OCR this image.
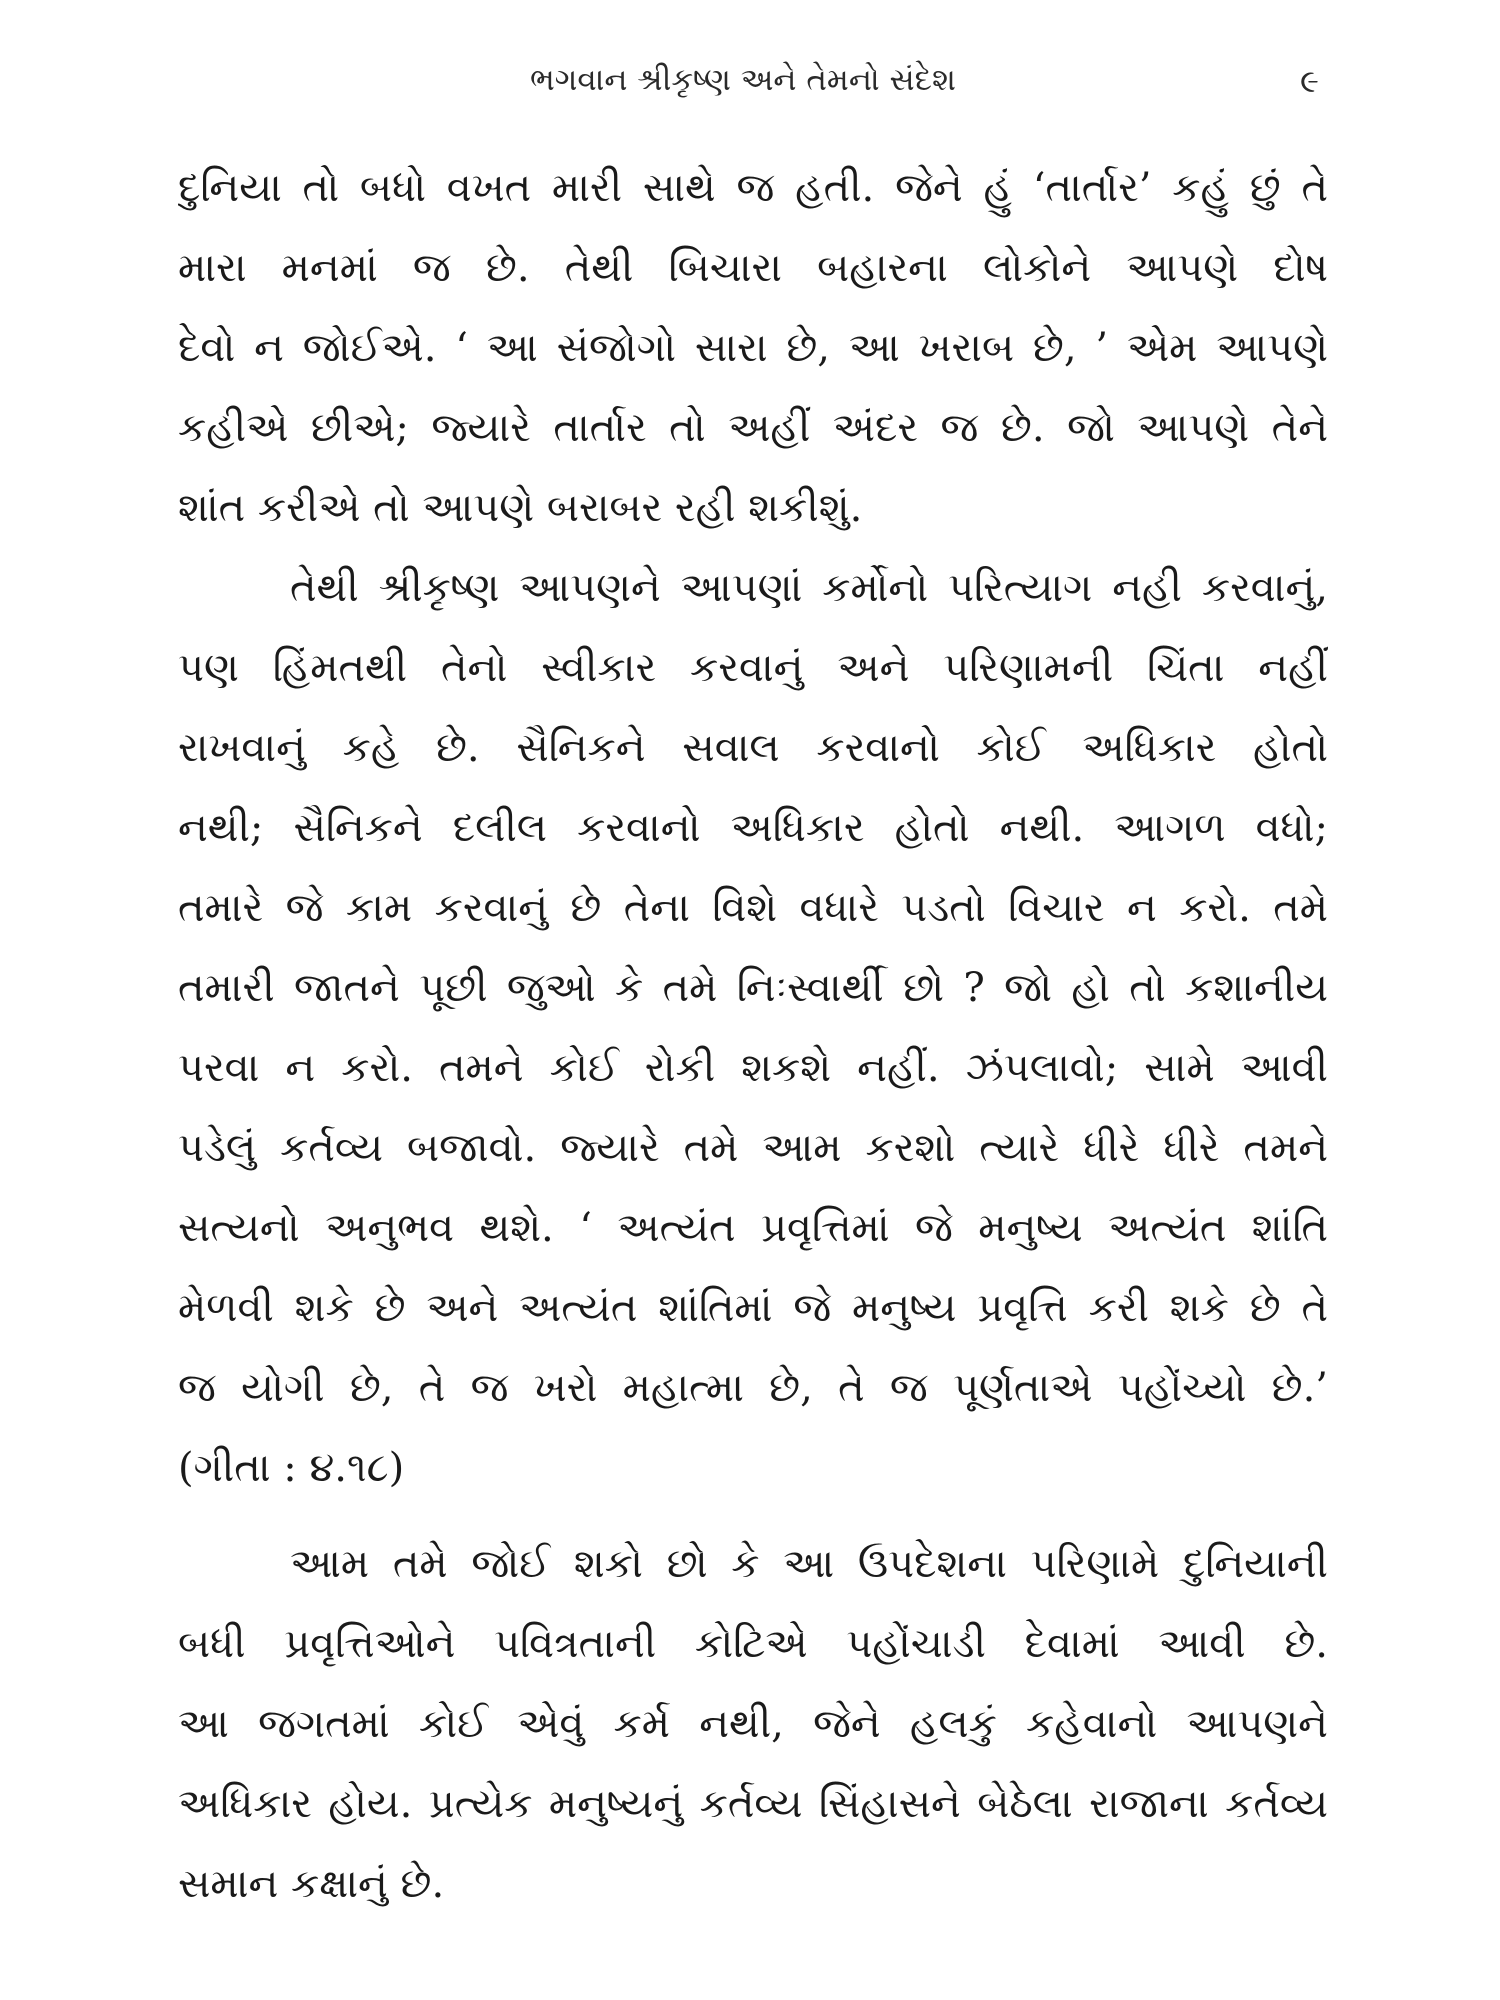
ભગવાન શ્રીકૃષ્ણ અને તેમનો સંદેશ	૯
દુનિયા તો બધો વખત મારી સાથે જ હતી. જેને હું ‘તાર્તાર’ કહું છું તે
મારા મનમાં જ છે. તેથી બિચારા બહારના લોકોને આપણે દોષ
દેવો ન જોઈએ. ‘ આ સંજોગો સારા છે, આ ખરાબ છે, ’ એમ આપણે
કહીએ છીએ; જ્યારે તાર્તાર તો અહીં અંદર જ છે. જો આપણે તેને
શાંત કરીએ તો આપણે બરાબર રહી શકીશું.
તેથી શ્રીકૃષ્ણ આપણને આપણાં કર્મોનો પરિત્યાગ નહી કરવાનું,
પણ હિંમતથી તેનો સ્વીકાર કરવાનું અને પરિણામની ચિંતા નહીં
રાખવાનું કહે છે. સૈનિકને સવાલ કરવાનો કોઈ અધિકાર હોતો
નથી; સૈનિકને દલીલ કરવાનો અધિકાર હોતો નથી. આગળ વધો;
તમારે જે કામ કરવાનું છે તેના વિશે વધારે પડતો વિચાર ન કરો. તમે
તમારી જાતને પૂછી જુઓ કે તમે નિઃસ્વાર્થી છો ? જો હો તો કશાનીય
પરવા ન કરો. તમને કોઈ રોકી શકશે નહીં. ઝંપલાવો; સામે આવી
પડેલું કર્તવ્ય બજાવો. જ્યારે તમે આમ કરશો ત્યારે ધીરે ધીરે તમને
સત્યનો અનુભવ થશે. ‘ અત્યંત પ્રવૃત્તિમાં જે મનુષ્ય અત્યંત શાંતિ
મેળવી શકે છે અને અત્યંત શાંતિમાં જે મનુષ્ય પ્રવૃત્તિ કરી શકે છે તે
જ યોગી છે, તે જ ખરો મહાત્મા છે, તે જ પૂર્ણતાએ પહોંચ્યો છે.’
(ગીતા : ૪.૧૮)
આમ તમે જોઈ શકો છો કે આ ઉપદેશના પરિણામે દુનિયાની
બધી પ્રવૃત્તિઓને પવિત્રતાની કોટિએ પહોંચાડી દેવામાં આવી છે.
આ જગતમાં કોઈ એવું કર્મ નથી, જેને હલકું કહેવાનો આપણને
અધિકાર હોય. પ્રત્યેક મનુષ્યનું કર્તવ્ય સિંહાસને બેઠેલા રાજાના કર્તવ્ય
સમાન કક્ષાનું છે.
